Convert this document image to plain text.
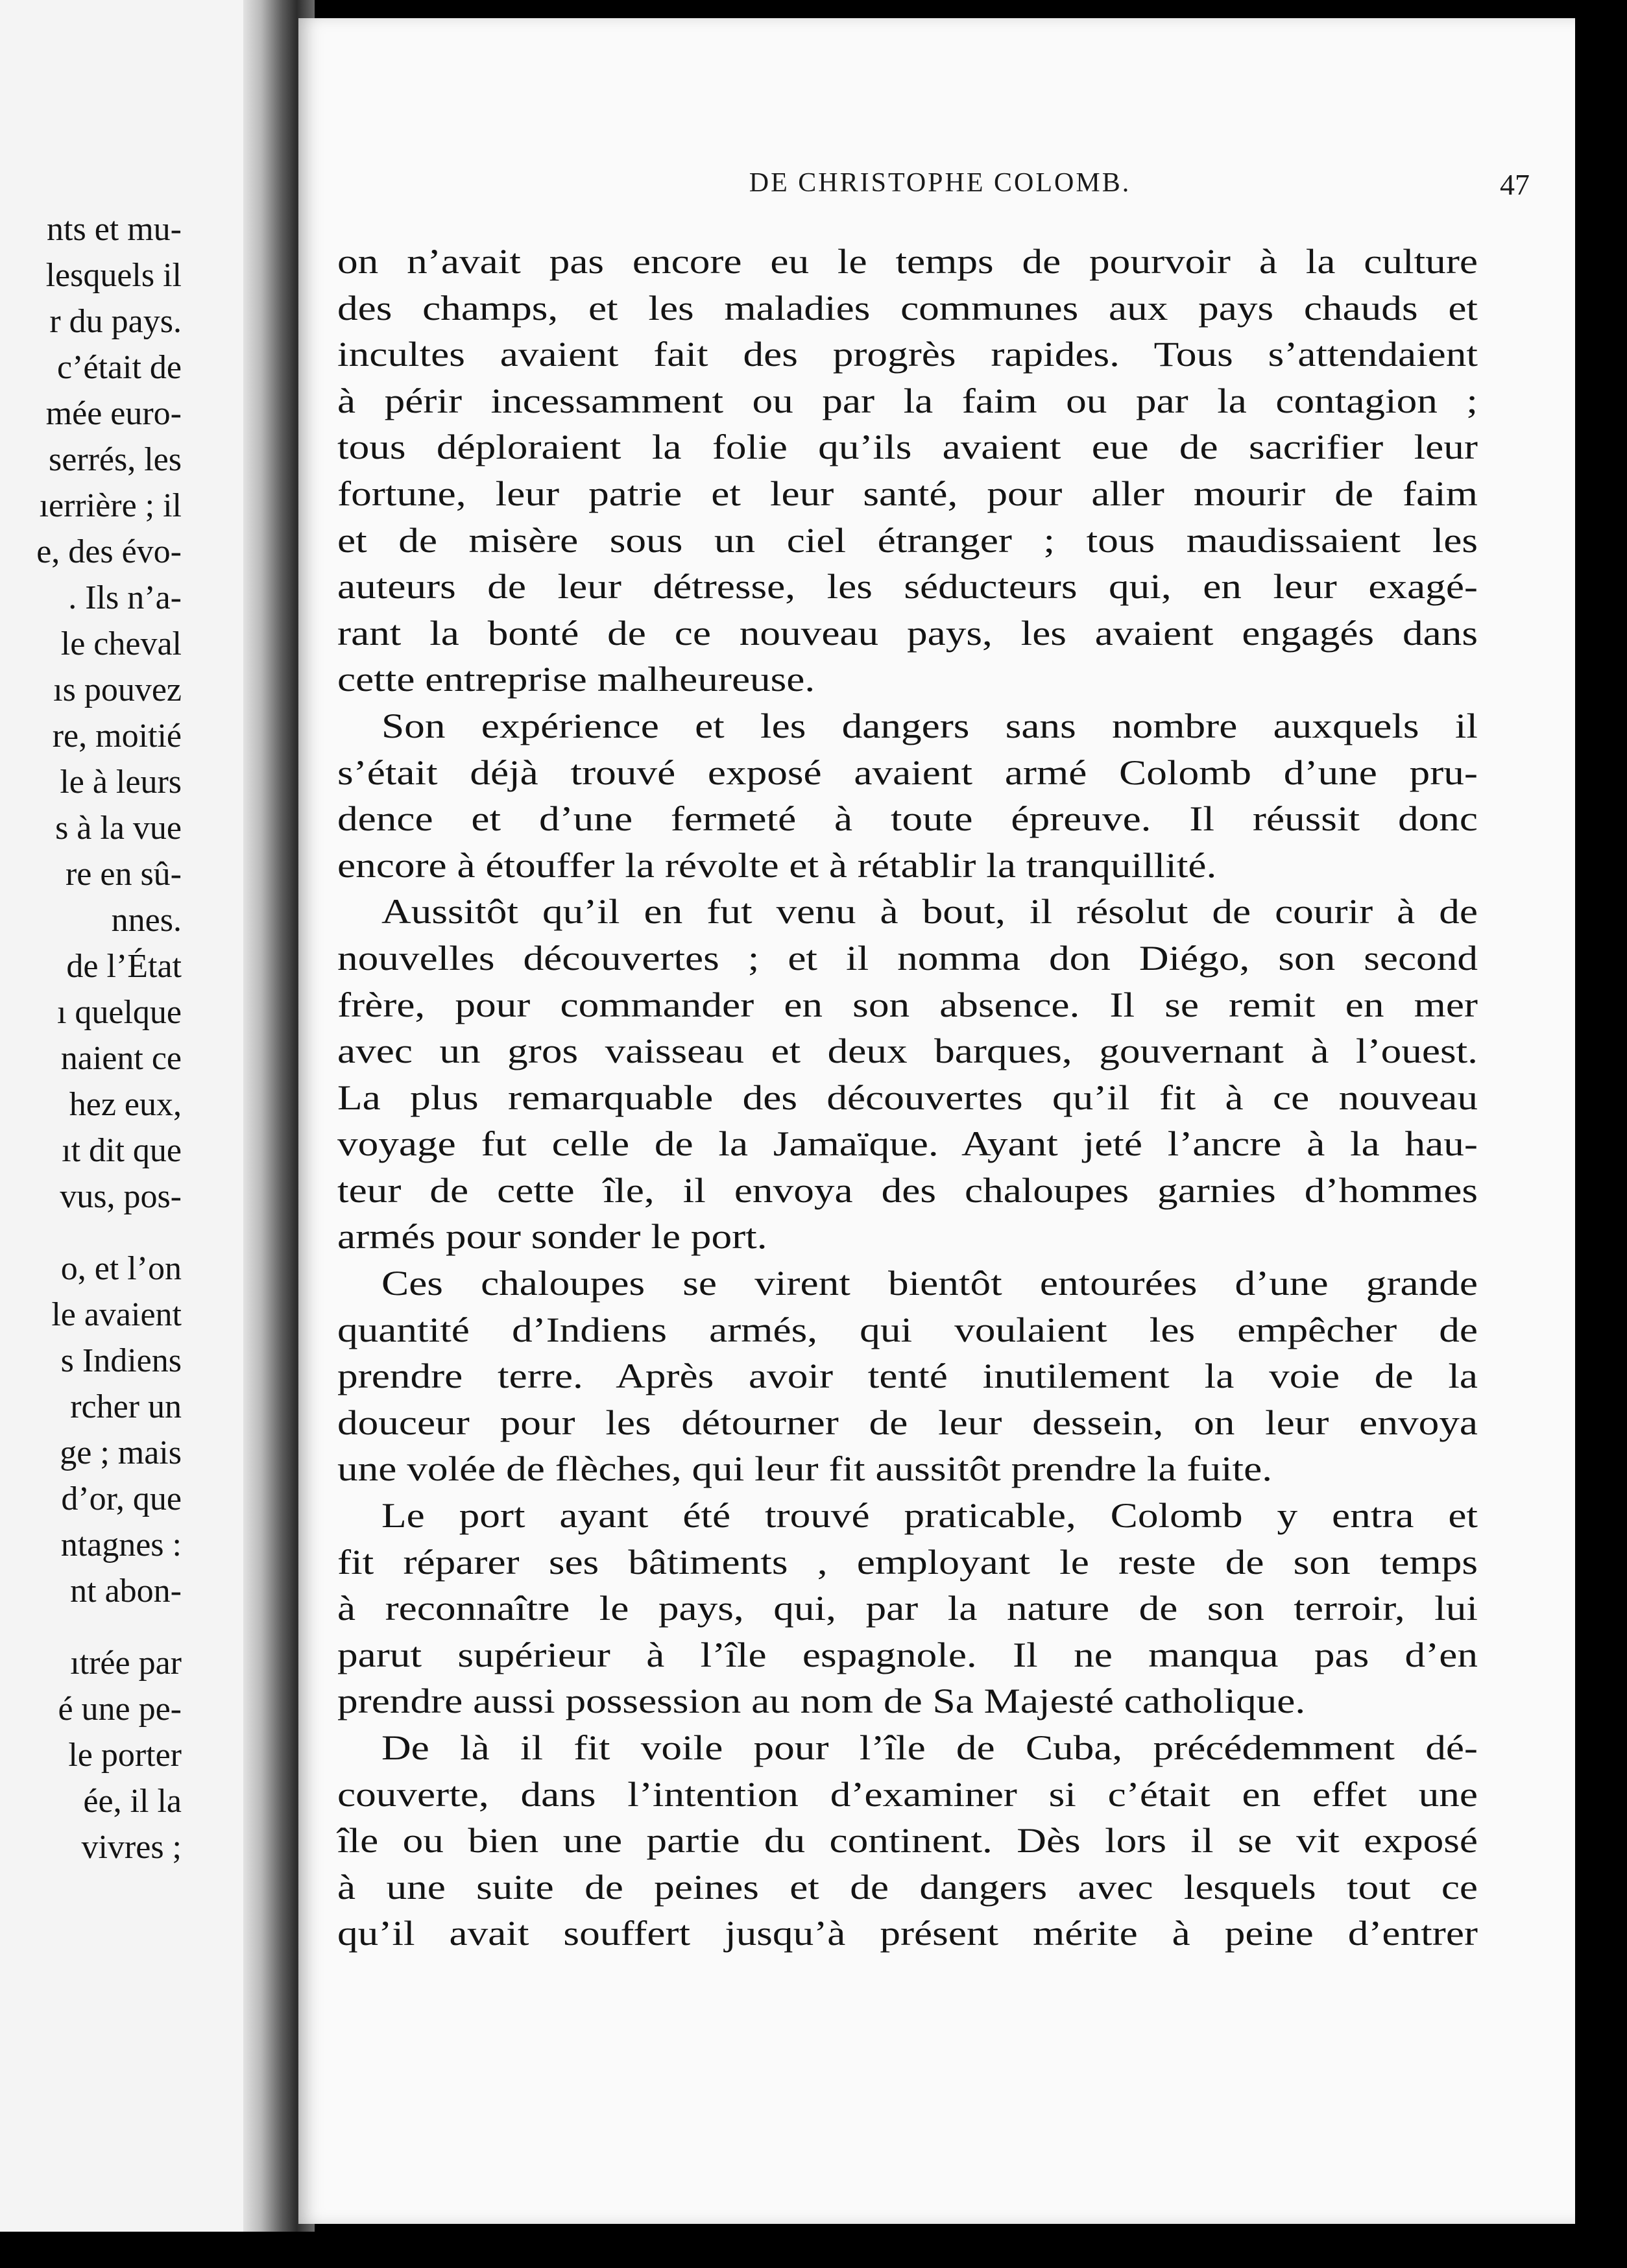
nts et mu-
lesquels il
r du pays.
c’était de
mée euro-
serrés, les
ıerrière ; il
e, des évo-
. Ils n’a-
le cheval
ıs pouvez
re, moitié
le à leurs
s à la vue
re en sû-
nnes.
de l’État
ı quelque
naient ce
hez eux,
ıt dit que
vus, pos-
o, et l’on
le avaient
s Indiens
rcher un
ge ; mais
d’or, que
ntagnes :
nt abon-
ıtrée par
é une pe-
le porter
ée, il la
vivres ;
DE CHRISTOPHE COLOMB.	47
on n’avait pas encore eu le temps de pourvoir à la culture
des champs, et les maladies communes aux pays chauds et
incultes avaient fait des progrès rapides. Tous s’attendaient
à périr incessamment ou par la faim ou par la contagion ;
tous déploraient la folie qu’ils avaient eue de sacrifier leur
fortune, leur patrie et leur santé, pour aller mourir de faim
et de misère sous un ciel étranger ; tous maudissaient les
auteurs de leur détresse, les séducteurs qui, en leur exagé-
rant la bonté de ce nouveau pays, les avaient engagés dans
cette entreprise malheureuse.
Son expérience et les dangers sans nombre auxquels il
s’était déjà trouvé exposé avaient armé Colomb d’une pru-
dence et d’une fermeté à toute épreuve. Il réussit donc
encore à étouffer la révolte et à rétablir la tranquillité.
Aussitôt qu’il en fut venu à bout, il résolut de courir à de
nouvelles découvertes ; et il nomma don Diégo, son second
frère, pour commander en son absence. Il se remit en mer
avec un gros vaisseau et deux barques, gouvernant à l’ouest.
La plus remarquable des découvertes qu’il fit à ce nouveau
voyage fut celle de la Jamaïque. Ayant jeté l’ancre à la hau-
teur de cette île, il envoya des chaloupes garnies d’hommes
armés pour sonder le port.
Ces chaloupes se virent bientôt entourées d’une grande
quantité d’Indiens armés, qui voulaient les empêcher de
prendre terre. Après avoir tenté inutilement la voie de la
douceur pour les détourner de leur dessein, on leur envoya
une volée de flèches, qui leur fit aussitôt prendre la fuite.
Le port ayant été trouvé praticable, Colomb y entra et
fit réparer ses bâtiments , employant le reste de son temps
à reconnaître le pays, qui, par la nature de son terroir, lui
parut supérieur à l’île espagnole. Il ne manqua pas d’en
prendre aussi possession au nom de Sa Majesté catholique.
De là il fit voile pour l’île de Cuba, précédemment dé-
couverte, dans l’intention d’examiner si c’était en effet une
île ou bien une partie du continent. Dès lors il se vit exposé
à une suite de peines et de dangers avec lesquels tout ce
qu’il avait souffert jusqu’à présent mérite à peine d’entrer
